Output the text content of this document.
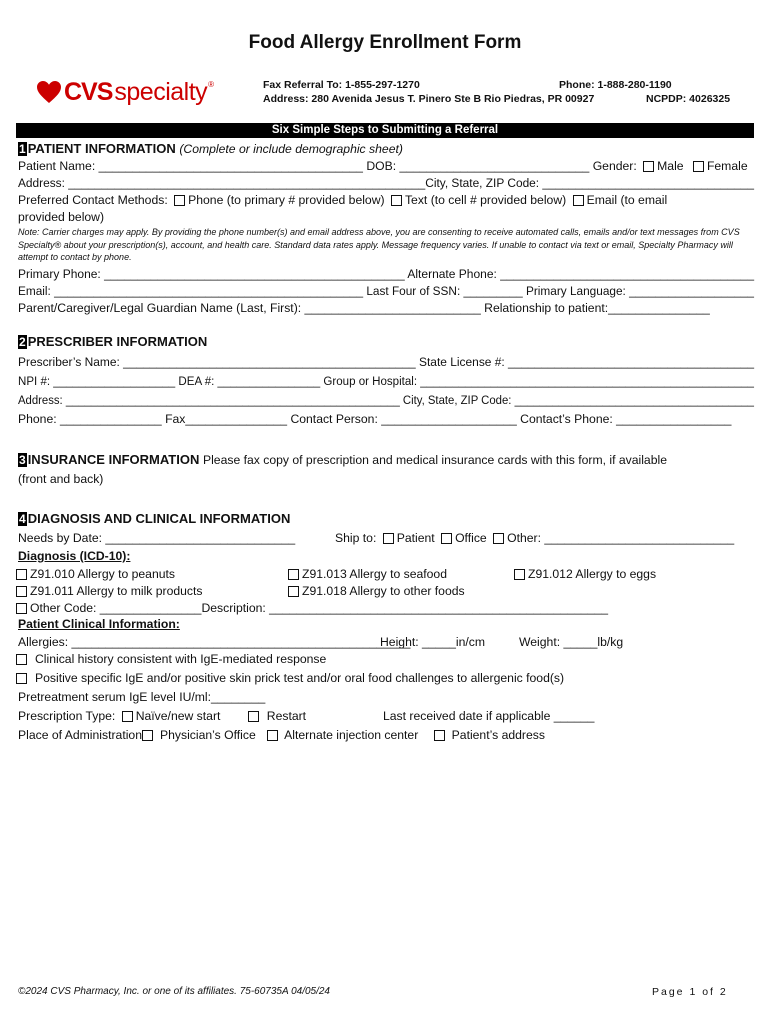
Food Allergy Enrollment Form
CVS specialty ®	Fax Referral To: 1-855-297-1270	Phone: 1-888-280-1190
Address: 280 Avenida Jesus T. Pinero Ste B Rio Piedras, PR 00927	NCPDP: 4026325
Six Simple Steps to Submitting a Referral
1 PATIENT INFORMATION (Complete or include demographic sheet)
Patient Name: _______________________________________ DOB: ____________________________ Gender: Male Female
Address: ______________________________________________________City, State, ZIP Code: ________________________________
Preferred Contact Methods: Phone (to primary # provided below) Text (to cell # provided below) Email (to email
provided below)
Note: Carrier charges may apply. By providing the phone number(s) and email address above, you are consenting to receive automated calls, emails and/or text messages from CVS Specialty® about your prescription(s), account, and health care. Standard data rates apply. Message frequency varies. If unable to contact via text or email, Specialty Pharmacy will attempt to contact by phone.
Primary Phone: _____________________________________________ Alternate Phone: ______________________________________
Email: _______________________________________________ Last Four of SSN: _________ Primary Language: ___________________
Parent/Caregiver/Legal Guardian Name (Last, First): __________________________ Relationship to patient:_______________
2 PRESCRIBER INFORMATION
Prescriber’s Name: ____________________________________________ State License #: _____________________________________
NPI #: ___________________ DEA #: ________________ Group or Hospital: ____________________________________________________
Address: _____________________________________________________ City, State, ZIP Code: ______________________________________
Phone: _______________ Fax_______________ Contact Person: ____________________ Contact’s Phone: _________________
3 INSURANCE INFORMATION Please fax copy of prescription and medical insurance cards with this form, if available
(front and back)
4 DIAGNOSIS AND CLINICAL INFORMATION
Needs by Date: ____________________________	Ship to: Patient Office Other: ____________________________
Diagnosis (ICD-10):
Z91.010 Allergy to peanuts	Z91.013 Allergy to seafood	Z91.012 Allergy to eggs
Z91.011 Allergy to milk products	Z91.018 Allergy to other foods
Other Code: _______________Description: __________________________________________________
Patient Clinical Information:
Allergies: __________________________________________________
Height: _____in/cm	Weight: _____lb/kg
Clinical history consistent with IgE-mediated response
Positive specific IgE and/or positive skin prick test and/or oral food challenges to allergenic food(s)
Pretreatment serum IgE level IU/ml:________
Prescription Type: Naïve/new start	Restart	Last received date if applicable ______
Place of Administration Physician’s Office Alternate injection center	Patient’s address
©2024 CVS Pharmacy, Inc. or one of its affiliates. 75-60735A 04/05/24	Page 1 of 2
